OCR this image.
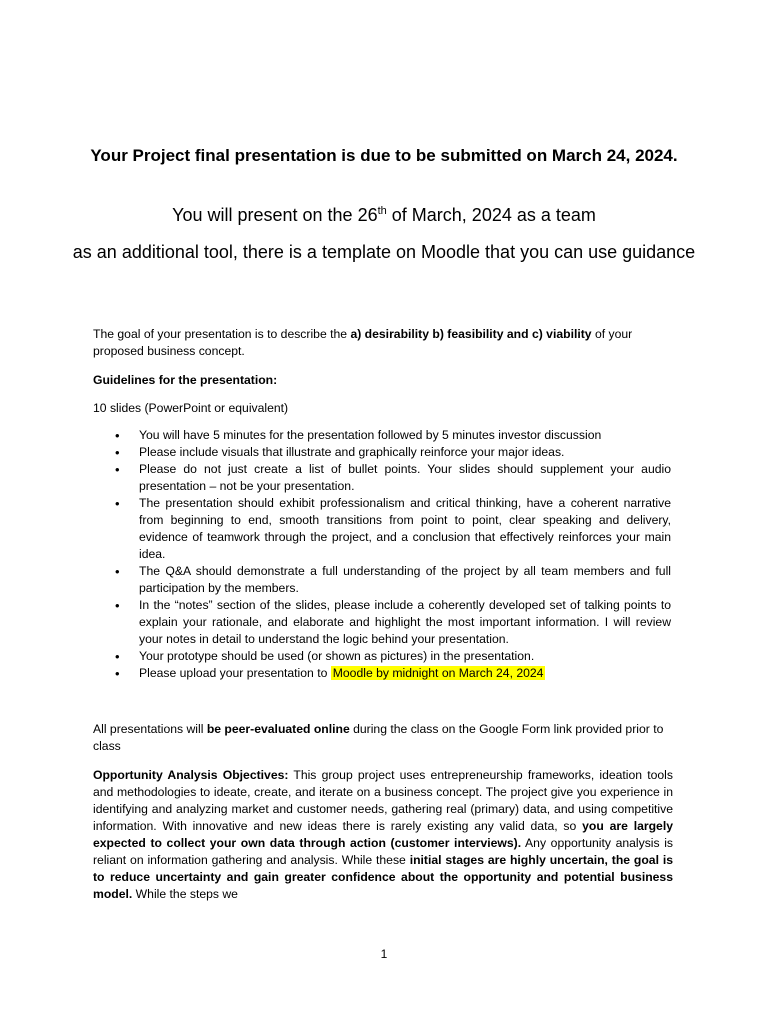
Your Project final presentation is due to be submitted on March 24, 2024.
You will present on the 26th of March, 2024 as a team
as an additional tool, there is a template on Moodle that you can use guidance
The goal of your presentation is to describe the a) desirability b) feasibility and c) viability of your proposed business concept.
Guidelines for the presentation:
10 slides (PowerPoint or equivalent)
• You will have 5 minutes for the presentation followed by 5 minutes investor discussion
• Please include visuals that illustrate and graphically reinforce your major ideas.
• Please do not just create a list of bullet points. Your slides should supplement your audio presentation – not be your presentation.
• The presentation should exhibit professionalism and critical thinking, have a coherent narrative from beginning to end, smooth transitions from point to point, clear speaking and delivery, evidence of teamwork through the project, and a conclusion that effectively reinforces your main idea.
• The Q&A should demonstrate a full understanding of the project by all team members and full participation by the members.
• In the “notes” section of the slides, please include a coherently developed set of talking points to explain your rationale, and elaborate and highlight the most important information. I will review your notes in detail to understand the logic behind your presentation.
• Your prototype should be used (or shown as pictures) in the presentation.
• Please upload your presentation to Moodle by midnight on March 24, 2024
All presentations will be peer-evaluated online during the class on the Google Form link provided prior to class
Opportunity Analysis Objectives: This group project uses entrepreneurship frameworks, ideation tools and methodologies to ideate, create, and iterate on a business concept. The project give you experience in identifying and analyzing market and customer needs, gathering real (primary) data, and using competitive information. With innovative and new ideas there is rarely existing any valid data, so you are largely expected to collect your own data through action (customer interviews). Any opportunity analysis is reliant on information gathering and analysis. While these initial stages are highly uncertain, the goal is to reduce uncertainty and gain greater confidence about the opportunity and potential business model. While the steps we
1
